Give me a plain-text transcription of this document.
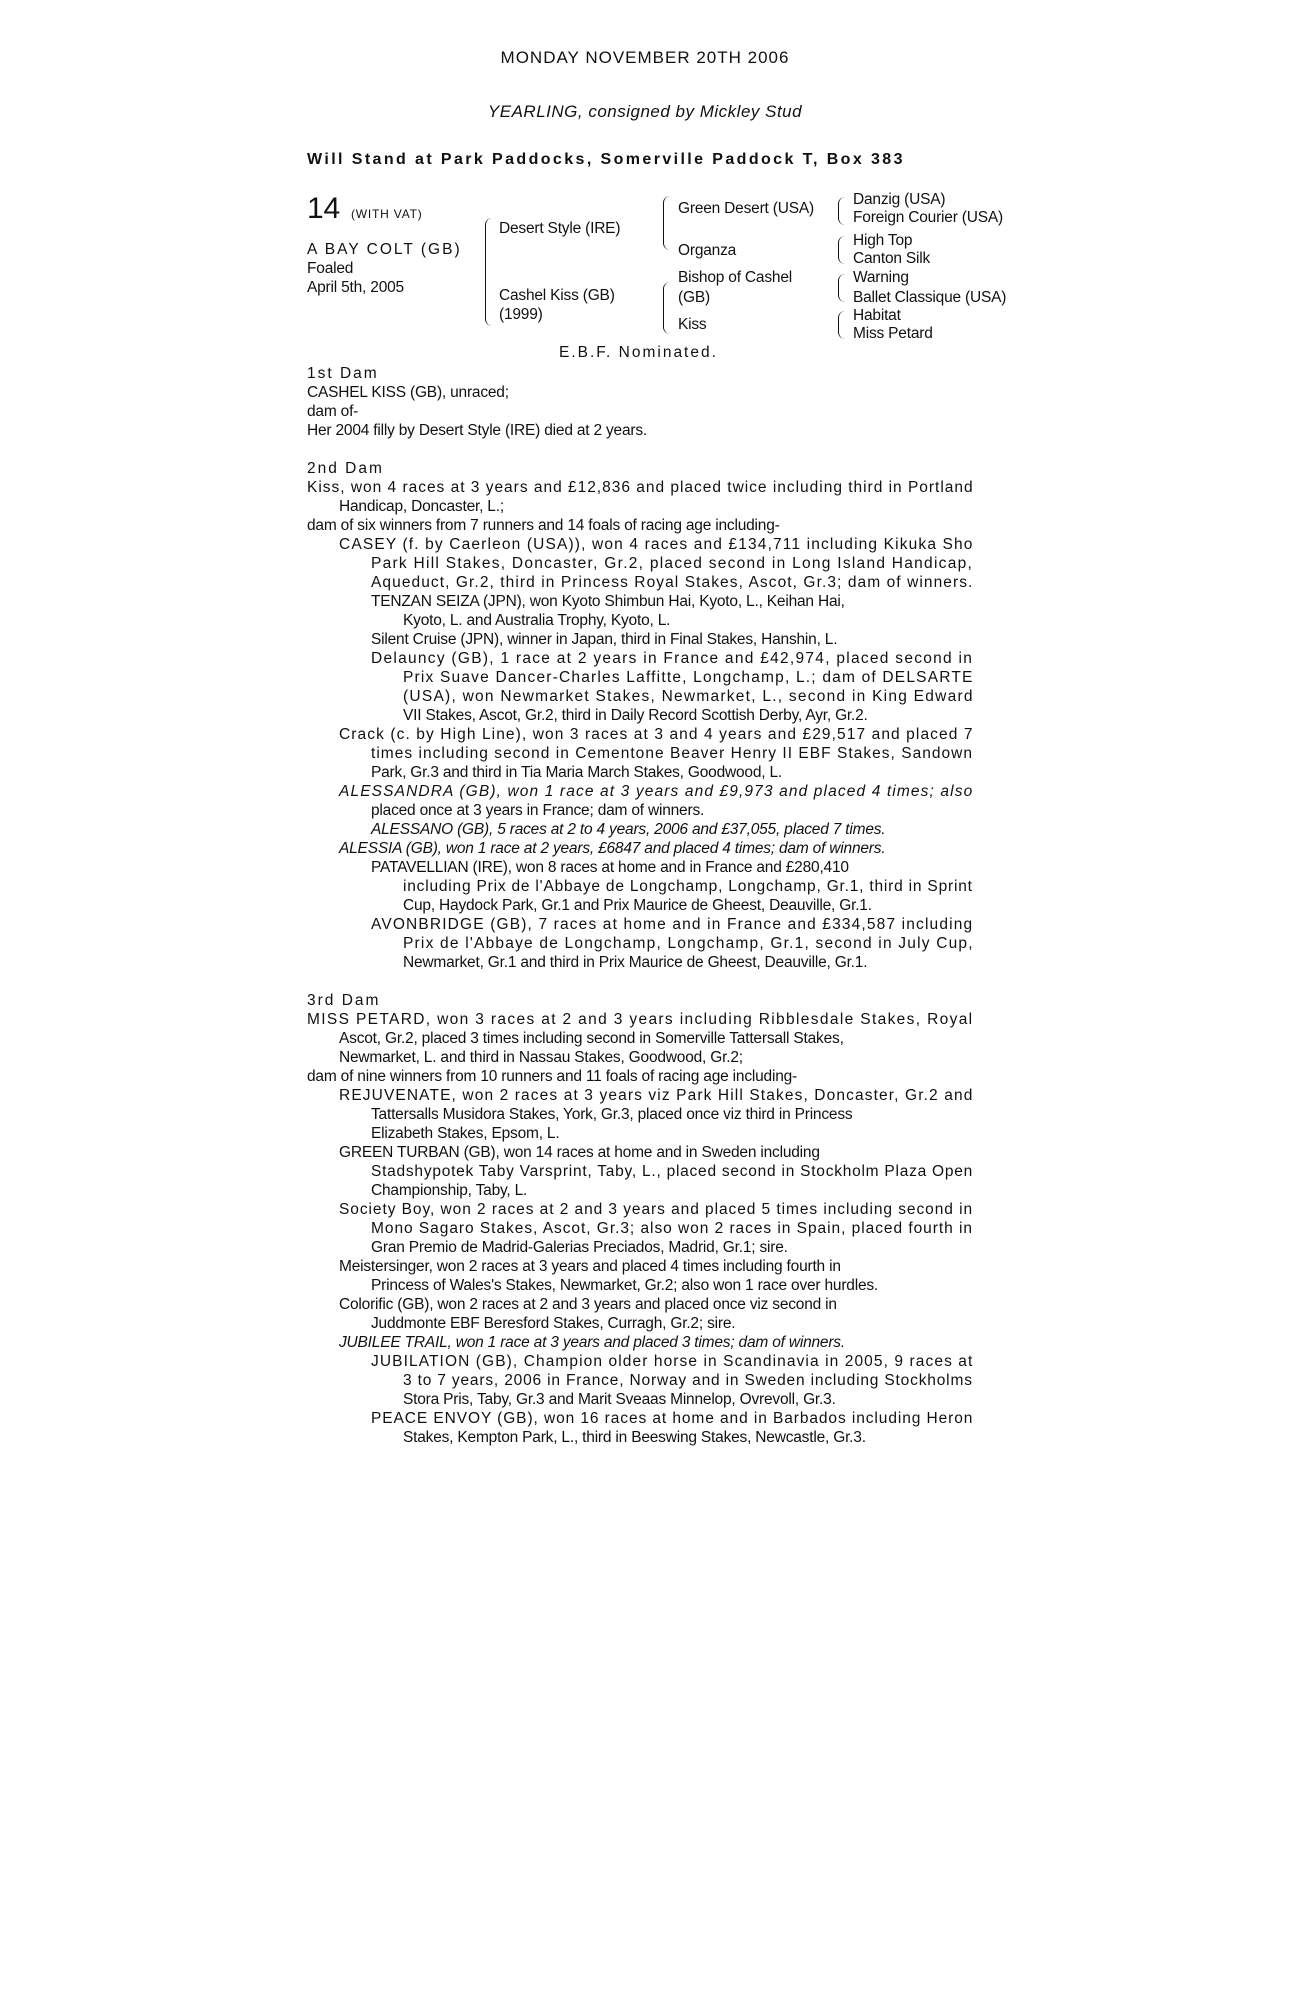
MONDAY NOVEMBER 20TH 2006

YEARLING, consigned by Mickley Stud

Will Stand at Park Paddocks, Somerville Paddock T, Box 383

14 (WITH VAT)

A BAY COLT (GB)

Foaled

April 5th, 2005

Desert Style (IRE)

Cashel Kiss (GB)

(1999)

Green Desert (USA)

Organza

Bishop of Cashel

(GB)

Kiss

Danzig (USA)

Foreign Courier (USA)

High Top

Canton Silk

Warning

Ballet Classique (USA)

Habitat

Miss Petard

E.B.F. Nominated.

1st Dam

CASHEL KISS (GB), unraced;

dam of-

Her 2004 filly by Desert Style (IRE) died at 2 years.

2nd Dam

Kiss, won 4 races at 3 years and £12,836 and placed twice including third in Portland

Handicap, Doncaster, L.;

dam of six winners from 7 runners and 14 foals of racing age including-

CASEY (f. by Caerleon (USA)), won 4 races and £134,711 including Kikuka Sho

Park Hill Stakes, Doncaster, Gr.2, placed second in Long Island Handicap,

Aqueduct, Gr.2, third in Princess Royal Stakes, Ascot, Gr.3; dam of winners.

TENZAN SEIZA (JPN), won Kyoto Shimbun Hai, Kyoto, L., Keihan Hai,

Kyoto, L. and Australia Trophy, Kyoto, L.

Silent Cruise (JPN), winner in Japan, third in Final Stakes, Hanshin, L.

Delauncy (GB), 1 race at 2 years in France and £42,974, placed second in

Prix Suave Dancer-Charles Laffitte, Longchamp, L.; dam of DELSARTE

(USA), won Newmarket Stakes, Newmarket, L., second in King Edward

VII Stakes, Ascot, Gr.2, third in Daily Record Scottish Derby, Ayr, Gr.2.

Crack (c. by High Line), won 3 races at 3 and 4 years and £29,517 and placed 7

times including second in Cementone Beaver Henry II EBF Stakes, Sandown

Park, Gr.3 and third in Tia Maria March Stakes, Goodwood, L.

ALESSANDRA (GB), won 1 race at 3 years and £9,973 and placed 4 times; also

placed once at 3 years in France; dam of winners.

ALESSANO (GB), 5 races at 2 to 4 years, 2006 and £37,055, placed 7 times.

ALESSIA (GB), won 1 race at 2 years, £6847 and placed 4 times; dam of winners.

PATAVELLIAN (IRE), won 8 races at home and in France and £280,410

including Prix de l'Abbaye de Longchamp, Longchamp, Gr.1, third in Sprint

Cup, Haydock Park, Gr.1 and Prix Maurice de Gheest, Deauville, Gr.1.

AVONBRIDGE (GB), 7 races at home and in France and £334,587 including

Prix de l'Abbaye de Longchamp, Longchamp, Gr.1, second in July Cup,

Newmarket, Gr.1 and third in Prix Maurice de Gheest, Deauville, Gr.1.

3rd Dam

MISS PETARD, won 3 races at 2 and 3 years including Ribblesdale Stakes, Royal

Ascot, Gr.2, placed 3 times including second in Somerville Tattersall Stakes,

Newmarket, L. and third in Nassau Stakes, Goodwood, Gr.2;

dam of nine winners from 10 runners and 11 foals of racing age including-

REJUVENATE, won 2 races at 3 years viz Park Hill Stakes, Doncaster, Gr.2 and

Tattersalls Musidora Stakes, York, Gr.3, placed once viz third in Princess

Elizabeth Stakes, Epsom, L.

GREEN TURBAN (GB), won 14 races at home and in Sweden including

Stadshypotek Taby Varsprint, Taby, L., placed second in Stockholm Plaza Open

Championship, Taby, L.

Society Boy, won 2 races at 2 and 3 years and placed 5 times including second in

Mono Sagaro Stakes, Ascot, Gr.3; also won 2 races in Spain, placed fourth in

Gran Premio de Madrid-Galerias Preciados, Madrid, Gr.1; sire.

Meistersinger, won 2 races at 3 years and placed 4 times including fourth in

Princess of Wales's Stakes, Newmarket, Gr.2; also won 1 race over hurdles.

Colorific (GB), won 2 races at 2 and 3 years and placed once viz second in

Juddmonte EBF Beresford Stakes, Curragh, Gr.2; sire.

JUBILEE TRAIL, won 1 race at 3 years and placed 3 times; dam of winners.

JUBILATION (GB), Champion older horse in Scandinavia in 2005, 9 races at

3 to 7 years, 2006 in France, Norway and in Sweden including Stockholms

Stora Pris, Taby, Gr.3 and Marit Sveaas Minnelop, Ovrevoll, Gr.3.

PEACE ENVOY (GB), won 16 races at home and in Barbados including Heron

Stakes, Kempton Park, L., third in Beeswing Stakes, Newcastle, Gr.3.
